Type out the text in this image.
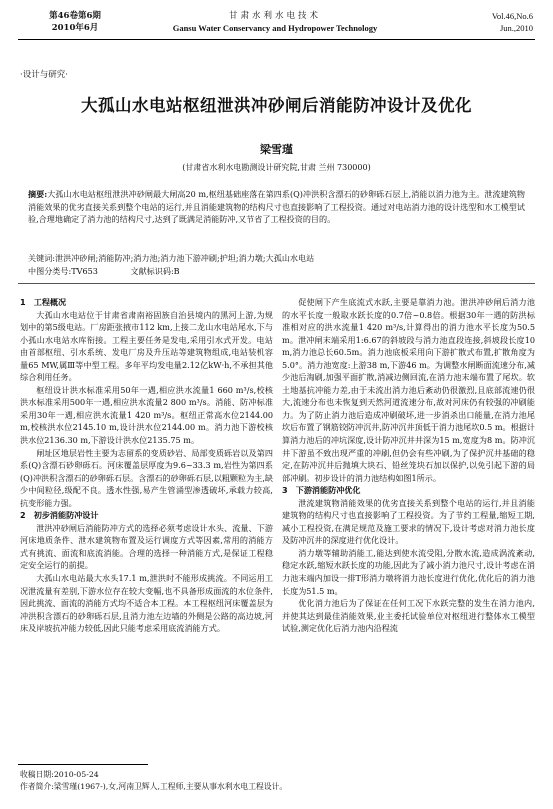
第46卷第6期
2010年6月
甘肃水利水电技术
Gansu Water Conservancy and Hydropower Technology
Vol.46,No.6
Jun.,2010
·设计与研究·
大孤山水电站枢纽泄洪冲砂闸后消能防冲设计及优化
梁雪瑾
(甘肃省水利水电勘测设计研究院,甘肃 兰州 730000)
摘要:大孤山水电站枢纽泄洪冲砂闸最大闸高20 m,枢纽基础座落在第四系(Q)冲洪积含漂石的砂卵砾石层上,消能以消力池为主。泄流建筑物消能效果的优劣直接关系到整个电站的运行,并且消能建筑物的结构尺寸也直接影响了工程投资。通过对电站消力池的设计选型和水工模型试验,合理地确定了消力池的结构尺寸,达到了既满足消能防冲,又节省了工程投资的目的。
关键词:泄洪冲砂闸;消能防冲;消力池;消力池下游冲刷;护坦;消力墩;大孤山水电站
中图分类号:TV653	文献标识码:B
1　工程概况

大孤山水电站位于甘肃省肃南裕固族自治县境内的黑河上游,为规划中的第5级电站。厂房距张掖市112 km,上接二龙山水电站尾水,下与小孤山水电站水库衔接。工程主要任务是发电,采用引水式开发。电站由首部枢纽、引水系统、发电厂房及升压站等建筑物组成,电站装机容量65 MW,属Ⅲ等中型工程。多年平均发电量2.12亿kW·h,不承担其他综合利用任务。

枢纽设计洪水标准采用50年一遇,相应洪水流量1 660 m³/s,校核洪水标准采用500年一遇,相应洪水流量2 800 m³/s。消能、防冲标准采用30年一遇,相应洪水流量1 420 m³/s。枢纽正常高水位2144.00 m,校核洪水位2145.10 m,设计洪水位2144.00 m。消力池下游校核洪水位2136.30 m,下游设计洪水位2135.75 m。

闸址区地层岩性主要为志留系的变质砂岩、局部变质砾岩以及第四系(Q)含漂石砂卵砾石。河床覆盖层厚度为9.6~33.3 m,岩性为第四系(Q)冲洪积含漂石的砂卵砾石层。含漂石的砂卵砾石层,以粗颗粒为主,缺少中间粒径,级配不良。透水性强,易产生管涌型渗透破坏,承载力较高,抗变形能力强。

2　初步消能防冲设计

泄洪冲砂闸后消能防冲方式的选择必须考虑设计水头、流量、下游河床地质条件、泄水建筑物布置及运行调度方式等因素,常用的消能方式有挑流、面流和底流消能。合理的选择一种消能方式,是保证工程稳定安全运行的前提。

大孤山水电站最大水头17.1 m,泄洪时不能形成挑流。不同运用工况泄流量有差别,下游水位存在较大变幅,也不具备形成面流的水位条件,因此挑流、面流的消能方式均不适合本工程。本工程枢纽河床覆盖层为冲洪积含漂石的砂卵砾石层,且消力池左边墙的外侧是公路的高边坡,河床及岸坡抗冲能力较低,因此只能考虑采用底流消能方式。

促使闸下产生底流式水跃,主要是靠消力池。泄洪冲砂闸后消力池的水平长度一般取水跃长度的0.7倍~0.8倍。根据30年一遇的防洪标准相对应的洪水流量1 420 m³/s,计算得出的消力池水平长度为50.5 m。泄冲闸末端采用1:6.67的斜坡段与消力池直段连接,斜坡段长度10 m,消力池总长60.5m。消力池底板采用向下游扩散式布置,扩散角度为5.0°。消力池宽度:上游38 m,下游46 m。为调整水闸断面流速分布,减少池后淘刷,加强平面扩散,消减边侧回流,在消力池末端布置了尾坎。软土地基抗冲能力差,由于未流出消力池后紊动仍很激烈,且底部流速仍很大,流速分布也未恢复到天然河道流速分布,故对河床仍有较强的冲刷能力。为了防止消力池后造成冲刷破坏,进一步消杀出口能量,在消力池尾坎后布置了钢筋铰防冲沉井,防冲沉井顶低于消力池尾坎0.5 m。根据计算消力池后的冲坑深度,设计防冲沉井井深为15 m,宽度为8 m。防冲沉井下游虽不致出现严重的冲刷,但仍会有些冲刷,为了保护沉井基础的稳定,在防冲沉井后抛填大块石、铅丝笼块石加以保护,以免引起下游的局部冲刷。初步设计的消力池结构如图1所示。

3　下游消能防冲优化

泄流建筑物消能效果的优劣直接关系到整个电站的运行,并且消能建筑物的结构尺寸也直接影响了工程投资。为了节约工程量,缩短工期,减小工程投资,在满足规范及施工要求的情况下,设计考虑对消力池长度及防冲沉井的深度进行优化设计。

消力墩等辅助消能工,能达到使水流受阻,分散水流,造成涡流紊动,稳定水跃,缩短水跃长度的功能,因此为了减小消力池尺寸,设计考虑在消力池末端内加设一排T形消力墩将消力池长度进行优化,优化后的消力池长度为51.5 m。

优化消力池后为了保证在任何工况下水跃完整的发生在消力池内,并使其达到最佳消能效果,业主委托试验单位对枢纽进行整体水工模型试验,测定优化后消力池内沿程流

收稿日期:2010-05-24
作者简介:梁雪瑾(1967-),女,河南卫辉人,工程师,主要从事水利水电工程设计。
